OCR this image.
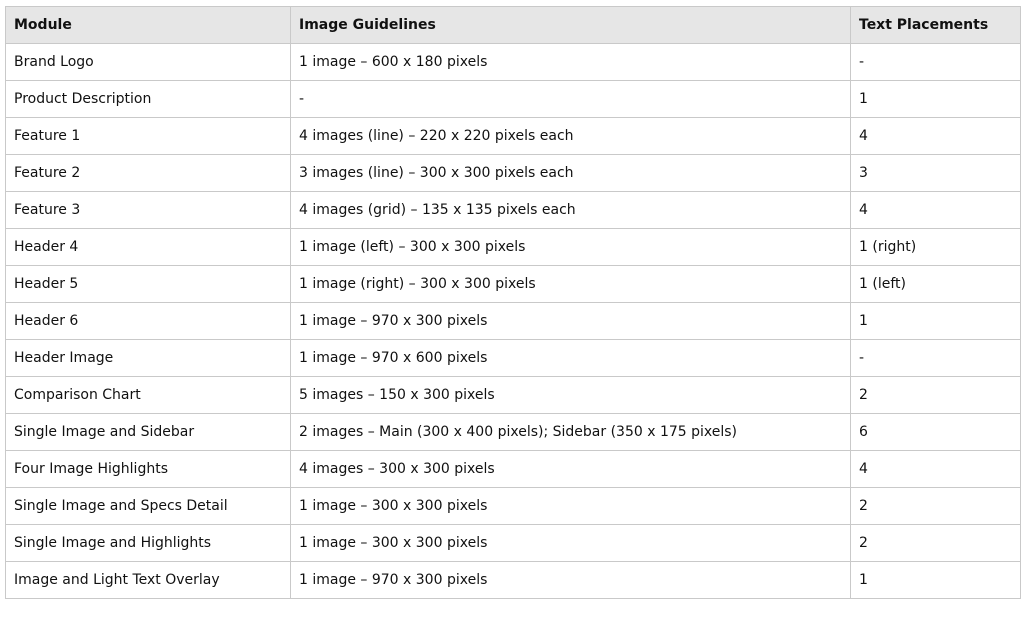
Module	Image Guidelines	Text Placements
Brand Logo	1 image – 600 x 180 pixels	-
Product Description	-	1
Feature 1	4 images (line) – 220 x 220 pixels each	4
Feature 2	3 images (line) – 300 x 300 pixels each	3
Feature 3	4 images (grid) – 135 x 135 pixels each	4
Header 4	1 image (left) – 300 x 300 pixels	1 (right)
Header 5	1 image (right) – 300 x 300 pixels	1 (left)
Header 6	1 image – 970 x 300 pixels	1
Header Image	1 image – 970 x 600 pixels	-
Comparison Chart	5 images – 150 x 300 pixels	2
Single Image and Sidebar	2 images – Main (300 x 400 pixels); Sidebar (350 x 175 pixels)	6
Four Image Highlights	4 images – 300 x 300 pixels	4
Single Image and Specs Detail	1 image – 300 x 300 pixels	2
Single Image and Highlights	1 image – 300 x 300 pixels	2
Image and Light Text Overlay	1 image – 970 x 300 pixels	1
